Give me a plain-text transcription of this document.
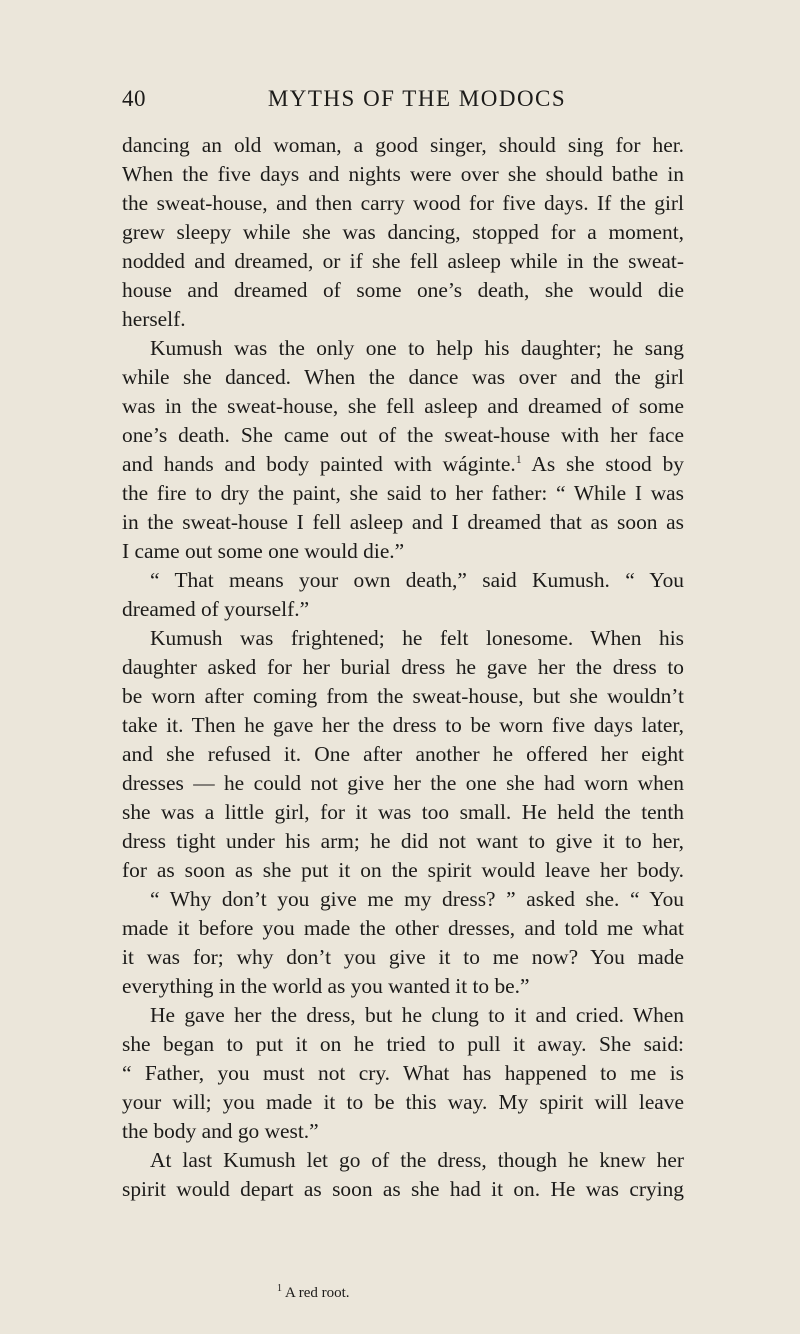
40	MYTHS OF THE MODOCS
dancing an old woman, a good singer, should sing for her.
When the five days and nights were over she should bathe in
the sweat-house, and then carry wood for five days. If the girl
grew sleepy while she was dancing, stopped for a moment,
nodded and dreamed, or if she fell asleep while in the sweat-
house and dreamed of some one’s death, she would die
herself.
Kumush was the only one to help his daughter; he sang
while she danced. When the dance was over and the girl
was in the sweat-house, she fell asleep and dreamed of some
one’s death. She came out of the sweat-house with her face
and hands and body painted with wáginte.$^1$ As she stood by
the fire to dry the paint, she said to her father: “ While I was
in the sweat-house I fell asleep and I dreamed that as soon as
I came out some one would die.”
“ That means your own death,” said Kumush. “ You
dreamed of yourself.”
Kumush was frightened; he felt lonesome. When his
daughter asked for her burial dress he gave her the dress to
be worn after coming from the sweat-house, but she wouldn’t
take it. Then he gave her the dress to be worn five days later,
and she refused it. One after another he offered her eight
dresses — he could not give her the one she had worn when
she was a little girl, for it was too small. He held the tenth
dress tight under his arm; he did not want to give it to her,
for as soon as she put it on the spirit would leave her body.
“ Why don’t you give me my dress? ” asked she. “ You
made it before you made the other dresses, and told me what
it was for; why don’t you give it to me now? You made
everything in the world as you wanted it to be.”
He gave her the dress, but he clung to it and cried. When
she began to put it on he tried to pull it away. She said:
“ Father, you must not cry. What has happened to me is
your will; you made it to be this way. My spirit will leave
the body and go west.”
At last Kumush let go of the dress, though he knew her
spirit would depart as soon as she had it on. He was crying
$^1$ A red root.
